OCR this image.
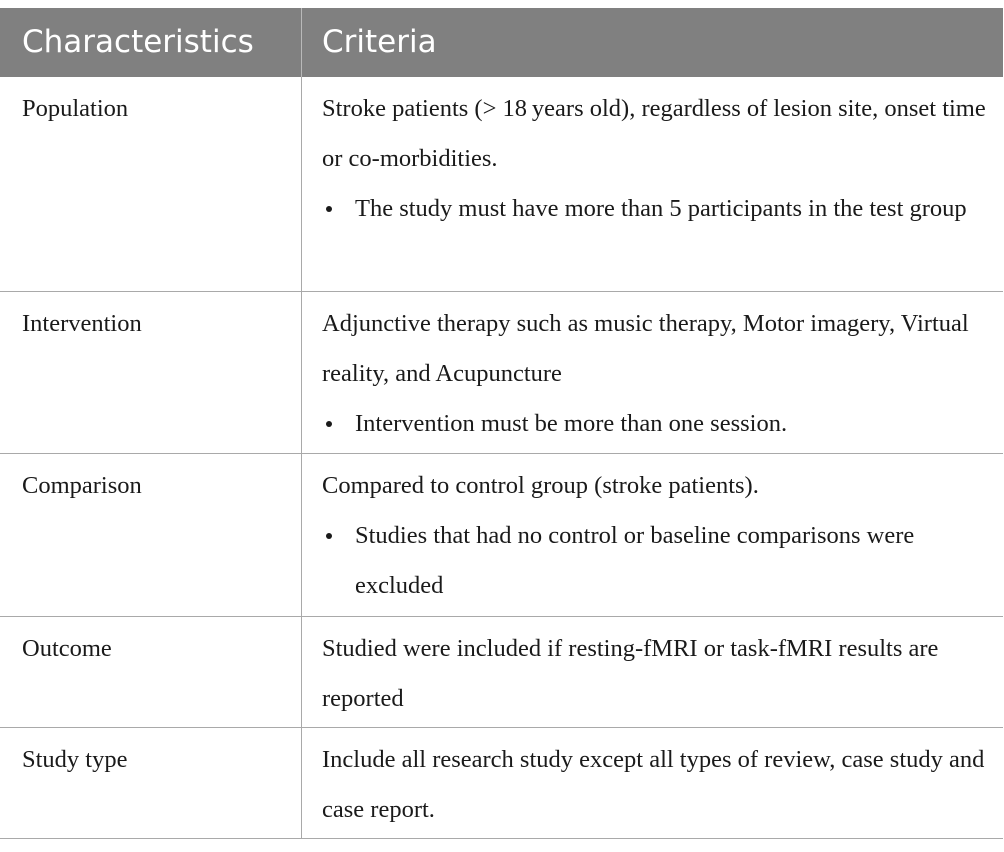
Characteristics	Criteria
Population	Stroke patients (> 18 years old), regardless of lesion site, onset time or co-morbidities.
The study must have more than 5 participants in the test group
Intervention	Adjunctive therapy such as music therapy, Motor imagery, Virtual reality, and Acupuncture
Intervention must be more than one session.
Comparison	Compared to control group (stroke patients).
Studies that had no control or baseline comparisons were excluded
Outcome	Studied were included if resting-fMRI or task-fMRI results are reported
Study type	Include all research study except all types of review, case study and case report.
